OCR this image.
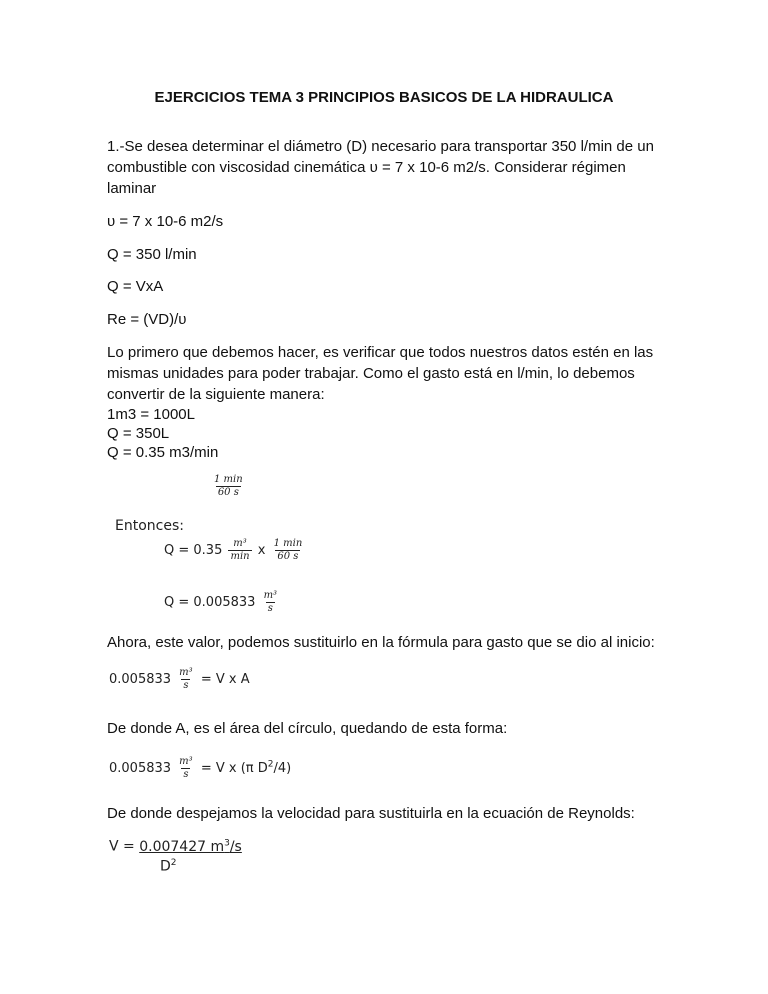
EJERCICIOS TEMA 3 PRINCIPIOS BASICOS DE LA HIDRAULICA
1.-Se desea determinar el diámetro (D) necesario para transportar 350 l/min de un combustible con viscosidad cinemática υ = 7 x 10-6 m2/s. Considerar régimen laminar
υ = 7 x 10-6 m2/s
Q = 350 l/min
Q = VxA
Re = (VD)/υ
Lo primero que debemos hacer, es verificar que todos nuestros datos estén en las mismas unidades para poder trabajar. Como el gasto está en l/min, lo debemos convertir de la siguiente manera:
1m3 = 1000L
Q = 350L
Q = 0.35 m3/min
$\frac{1 \min}{60 s}$
Entonces:
$Q = 0.35 \frac{\text{m³}}{\min}$ x $\frac{1 \min}{60 s}$
$Q = 0.005833 \frac{\text{m³}}{s}$
Ahora, este valor, podemos sustituirlo en la fórmula para gasto que se dio al inicio:
$0.005833 \frac{\text{m³}}{s} = V$ x A
De donde A, es el área del círculo, quedando de esta forma:
$0.005833 \frac{\text{m³}}{s} = V$ x (π $D^2/4$)
De donde despejamos la velocidad para sustituirla en la ecuación de Reynolds:
V = 0.007427 $m^3/s$
$D^2$
